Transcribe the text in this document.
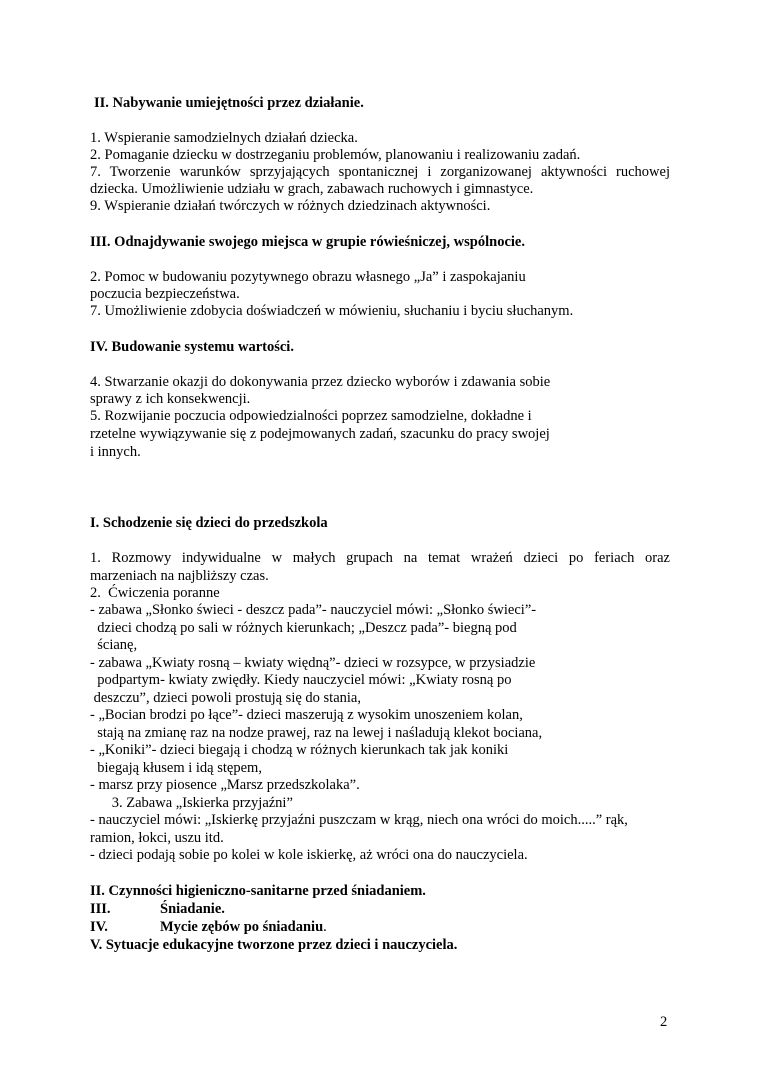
II. Nabywanie umiejętności przez działanie.
1. Wspieranie samodzielnych działań dziecka.
2. Pomaganie dziecku w dostrzeganiu problemów, planowaniu i realizowaniu zadań.
7. Tworzenie warunków sprzyjających spontanicznej i zorganizowanej aktywności ruchowej
dziecka. Umożliwienie udziału w grach, zabawach ruchowych i gimnastyce.
9. Wspieranie działań twórczych w różnych dziedzinach aktywności.
III. Odnajdywanie swojego miejsca w grupie rówieśniczej, wspólnocie.
2. Pomoc w budowaniu pozytywnego obrazu własnego „Ja” i zaspokajaniu
poczucia bezpieczeństwa.
7. Umożliwienie zdobycia doświadczeń w mówieniu, słuchaniu i byciu słuchanym.
IV. Budowanie systemu wartości.
4. Stwarzanie okazji do dokonywania przez dziecko wyborów i zdawania sobie
sprawy z ich konsekwencji.
5. Rozwijanie poczucia odpowiedzialności poprzez samodzielne, dokładne i
rzetelne wywiązywanie się z podejmowanych zadań, szacunku do pracy swojej
i innych.
I. Schodzenie się dzieci do przedszkola
1. Rozmowy indywidualne w małych grupach na temat wrażeń dzieci po feriach oraz
marzeniach na najbliższy czas.
2.  Ćwiczenia poranne
- zabawa „Słonko świeci - deszcz pada”- nauczyciel mówi: „Słonko świeci”-
dzieci chodzą po sali w różnych kierunkach; „Deszcz pada”- biegną pod
ścianę,
- zabawa „Kwiaty rosną – kwiaty więdną”- dzieci w rozsypce, w przysiadzie
podpartym- kwiaty zwiędły. Kiedy nauczyciel mówi: „Kwiaty rosną po
deszczu”, dzieci powoli prostują się do stania,
- „Bocian brodzi po łące”- dzieci maszerują z wysokim unoszeniem kolan,
stają na zmianę raz na nodze prawej, raz na lewej i naśladują klekot bociana,
- „Koniki”- dzieci biegają i chodzą w różnych kierunkach tak jak koniki
biegają kłusem i idą stępem,
- marsz przy piosence „Marsz przedszkolaka”.
3. Zabawa „Iskierka przyjaźni”
- nauczyciel mówi: „Iskierkę przyjaźni puszczam w krąg, niech ona wróci do moich.....” rąk,
ramion, łokci, uszu itd.
- dzieci podają sobie po kolei w kole iskierkę, aż wróci ona do nauczyciela.
II. Czynności higieniczno-sanitarne przed śniadaniem.
III.	Śniadanie.
IV.	Mycie zębów po śniadaniu.
V. Sytuacje edukacyjne tworzone przez dzieci i nauczyciela.
2
